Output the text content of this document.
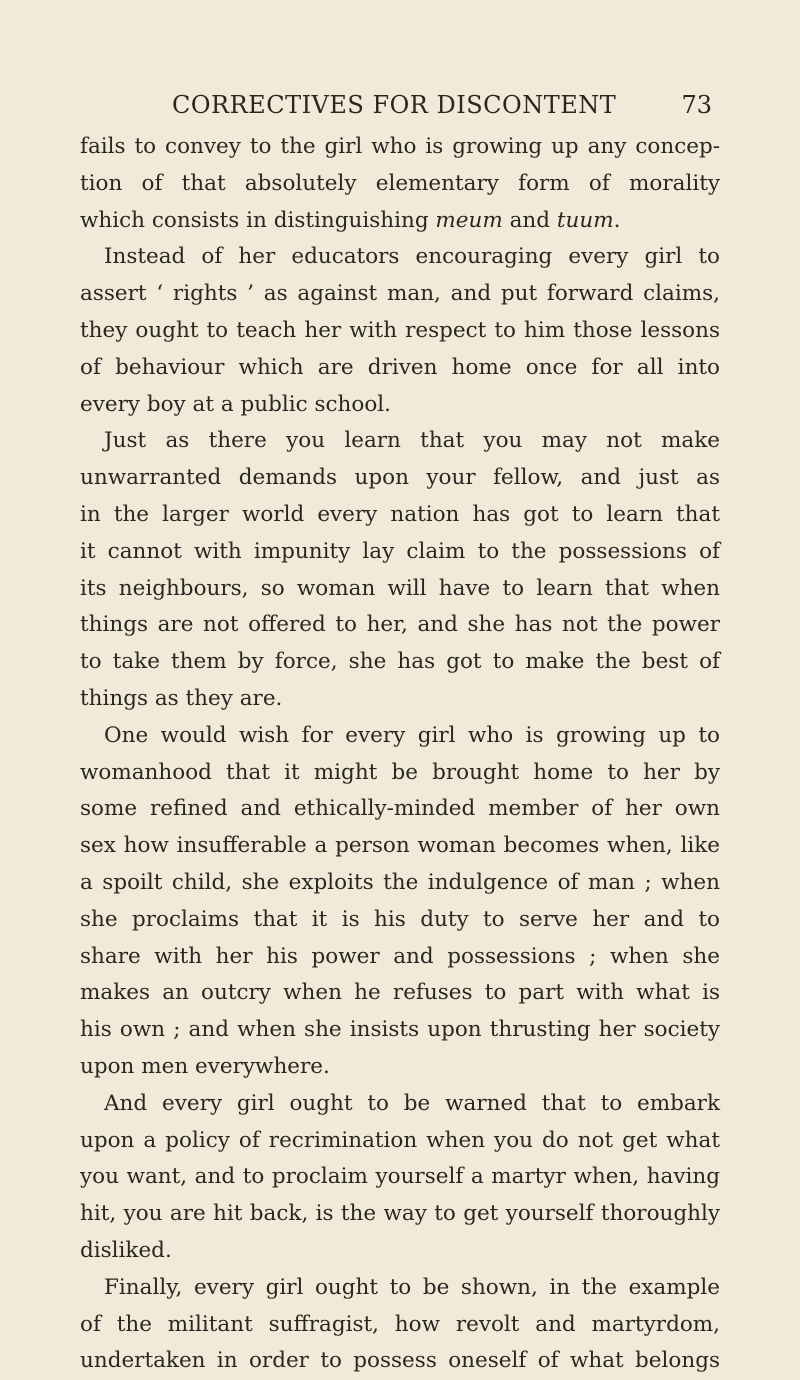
CORRECTIVES FOR DISCONTENT	73
fails to convey to the girl who is growing up any concep-
tion of that absolutely elementary form of morality
which consists in distinguishing meum and tuum.
Instead of her educators encouraging every girl to
assert ‘ rights ’ as against man, and put forward claims,
they ought to teach her with respect to him those lessons
of behaviour which are driven home once for all into
every boy at a public school.
Just as there you learn that you may not make
unwarranted demands upon your fellow, and just as
in the larger world every nation has got to learn that
it cannot with impunity lay claim to the possessions of
its neighbours, so woman will have to learn that when
things are not offered to her, and she has not the power
to take them by force, she has got to make the best of
things as they are.
One would wish for every girl who is growing up to
womanhood that it might be brought home to her by
some refined and ethically-minded member of her own
sex how insufferable a person woman becomes when, like
a spoilt child, she exploits the indulgence of man ; when
she proclaims that it is his duty to serve her and to
share with her his power and possessions ; when she
makes an outcry when he refuses to part with what is
his own ; and when she insists upon thrusting her society
upon men everywhere.
And every girl ought to be warned that to embark
upon a policy of recrimination when you do not get what
you want, and to proclaim yourself a martyr when, having
hit, you are hit back, is the way to get yourself thoroughly
disliked.
Finally, every girl ought to be shown, in the example
of the militant suffragist, how revolt and martyrdom,
undertaken in order to possess oneself of what belongs
